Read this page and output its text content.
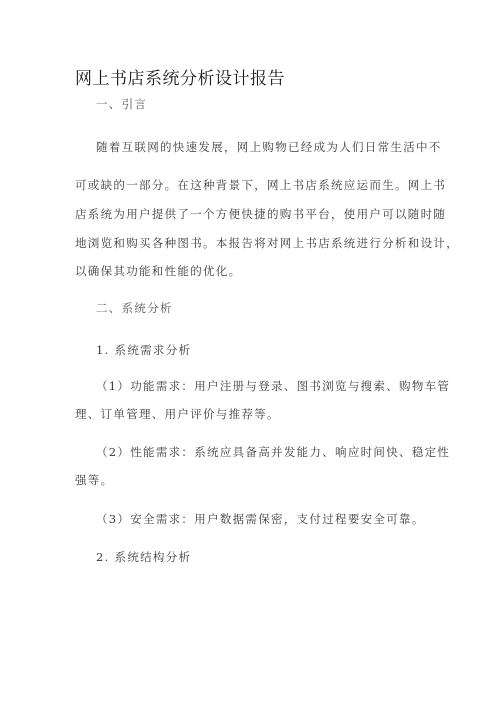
网上书店系统分析设计报告
一、引言
随着互联网的快速发展，网上购物已经成为人们日常生活中不
可或缺的一部分。在这种背景下，网上书店系统应运而生。网上书
店系统为用户提供了一个方便快捷的购书平台，使用户可以随时随
地浏览和购买各种图书。本报告将对网上书店系统进行分析和设计，
以确保其功能和性能的优化。
二、系统分析
1. 系统需求分析
（1）功能需求：用户注册与登录、图书浏览与搜索、购物车管
理、订单管理、用户评价与推荐等。
（2）性能需求：系统应具备高并发能力、响应时间快、稳定性
强等。
（3）安全需求：用户数据需保密，支付过程要安全可靠。
2. 系统结构分析
